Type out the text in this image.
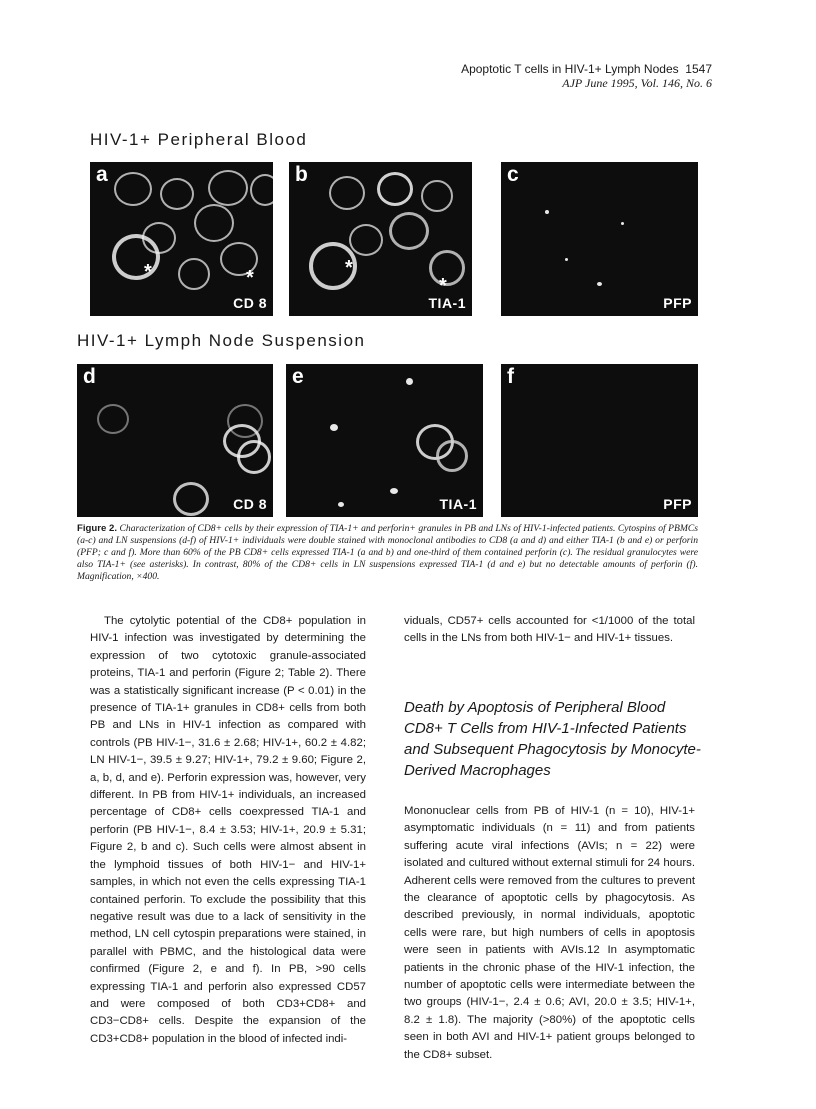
Apoptotic T cells in HIV-1+ Lymph Nodes 1547
AJP June 1995, Vol. 146, No. 6
HIV-1+ Peripheral Blood
*	*
a
CD 8
*
*
b
TIA-1
c
PFP
HIV-1+ Lymph Node Suspension
d
CD 8
e
TIA-1
f
PFP
Figure 2. Characterization of CD8+ cells by their expression of TIA-1+ and perforin+ granules in PB and LNs of HIV-1-infected patients. Cytospins of PBMCs (a-c) and LN suspensions (d-f) of HIV-1+ individuals were double stained with monoclonal antibodies to CD8 (a and d) and either TIA-1 (b and e) or perforin (PFP; c and f). More than 60% of the PB CD8+ cells expressed TIA-1 (a and b) and one-third of them contained perforin (c). The residual granulocytes were also TIA-1+ (see asterisks). In contrast, 80% of the CD8+ cells in LN suspensions expressed TIA-1 (d and e) but no detectable amounts of perforin (f). Magnification, ×400.

The cytolytic potential of the CD8+ population in HIV-1 infection was investigated by determining the expression of two cytotoxic granule-associated proteins, TIA-1 and perforin (Figure 2; Table 2). There was a statistically significant increase (P < 0.01) in the presence of TIA-1+ granules in CD8+ cells from both PB and LNs in HIV-1 infection as compared with controls (PB HIV-1−, 31.6 ± 2.68; HIV-1+, 60.2 ± 4.82; LN HIV-1−, 39.5 ± 9.27; HIV-1+, 79.2 ± 9.60; Figure 2, a, b, d, and e). Perforin expression was, however, very different. In PB from HIV-1+ individuals, an increased percentage of CD8+ cells coexpressed TIA-1 and perforin (PB HIV-1−, 8.4 ± 3.53; HIV-1+, 20.9 ± 5.31; Figure 2, b and c). Such cells were almost absent in the lymphoid tissues of both HIV-1− and HIV-1+ samples, in which not even the cells expressing TIA-1 contained perforin. To exclude the possibility that this negative result was due to a lack of sensitivity in the method, LN cell cytospin preparations were stained, in parallel with PBMC, and the histological data were confirmed (Figure 2, e and f). In PB, >90 cells expressing TIA-1 and perforin also expressed CD57 and were composed of both CD3+CD8+ and CD3−CD8+ cells. Despite the expansion of the CD3+CD8+ population in the blood of infected indi-

viduals, CD57+ cells accounted for <1/1000 of the total cells in the LNs from both HIV-1− and HIV-1+ tissues.

Death by Apoptosis of Peripheral Blood CD8+ T Cells from HIV-1-Infected Patients and Subsequent Phagocytosis by Monocyte-Derived Macrophages

Mononuclear cells from PB of HIV-1 (n = 10), HIV-1+ asymptomatic individuals (n = 11) and from patients suffering acute viral infections (AVIs; n = 22) were isolated and cultured without external stimuli for 24 hours. Adherent cells were removed from the cultures to prevent the clearance of apoptotic cells by phagocytosis. As described previously, in normal individuals, apoptotic cells were rare, but high numbers of cells in apoptosis were seen in patients with AVIs.12 In asymptomatic patients in the chronic phase of the HIV-1 infection, the number of apoptotic cells were intermediate between the two groups (HIV-1−, 2.4 ± 0.6; AVI, 20.0 ± 3.5; HIV-1+, 8.2 ± 1.8). The majority (>80%) of the apoptotic cells seen in both AVI and HIV-1+ patient groups belonged to the CD8+ subset.
